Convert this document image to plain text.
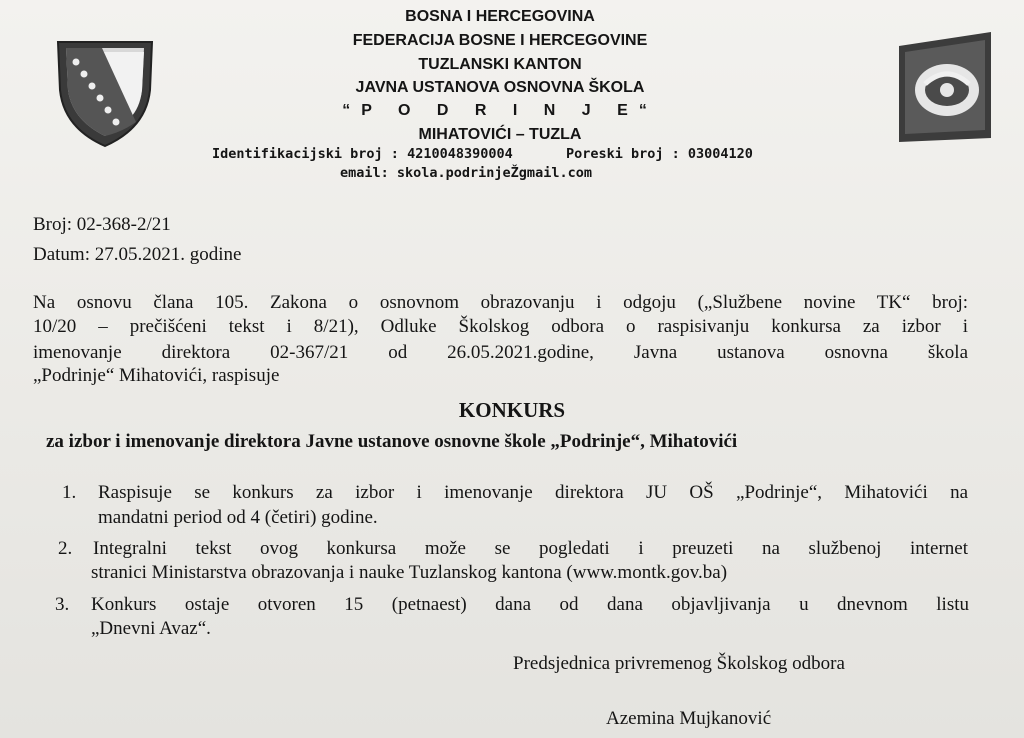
BOSNA I HERCEGOVINA
FEDERACIJA BOSNE I HERCEGOVINE
TUZLANSKI KANTON
JAVNA USTANOVA OSNOVNA ŠKOLA
“P O D R I N J E“
MIHATOVIĆI – TUZLA
Identifikacijski broj : 4210048390004	Poreski broj : 03004120
email: skola.podrinjeŽgmail.com
Broj: 02-368-2/21
Datum: 27.05.2021. godine
Na osnovu člana 105. Zakona o osnovnom obrazovanju i odgoju („Službene novine TK“ broj:
10/20 – prečišćeni tekst i 8/21), Odluke Školskog odbora o raspisivanju konkursa za izbor i
imenovanje direktora 02-367/21 od 26.05.2021.godine, Javna ustanova osnovna škola
„Podrinje“ Mihatovići, raspisuje
KONKURS
za izbor i imenovanje direktora Javne ustanove osnovne škole „Podrinje“, Mihatovići
1. Raspisuje se konkurs za izbor i imenovanje direktora JU OŠ „Podrinje“, Mihatovići na
mandatni period od 4 (četiri) godine.
2. Integralni tekst ovog konkursa može se pogledati i preuzeti na službenoj internet
stranici Ministarstva obrazovanja i nauke Tuzlanskog kantona (www.montk.gov.ba)
3. Konkurs ostaje otvoren 15 (petnaest) dana od dana objavljivanja u dnevnom listu
„Dnevni Avaz“.
Predsjednica privremenog Školskog odbora
Azemina Mujkanović
